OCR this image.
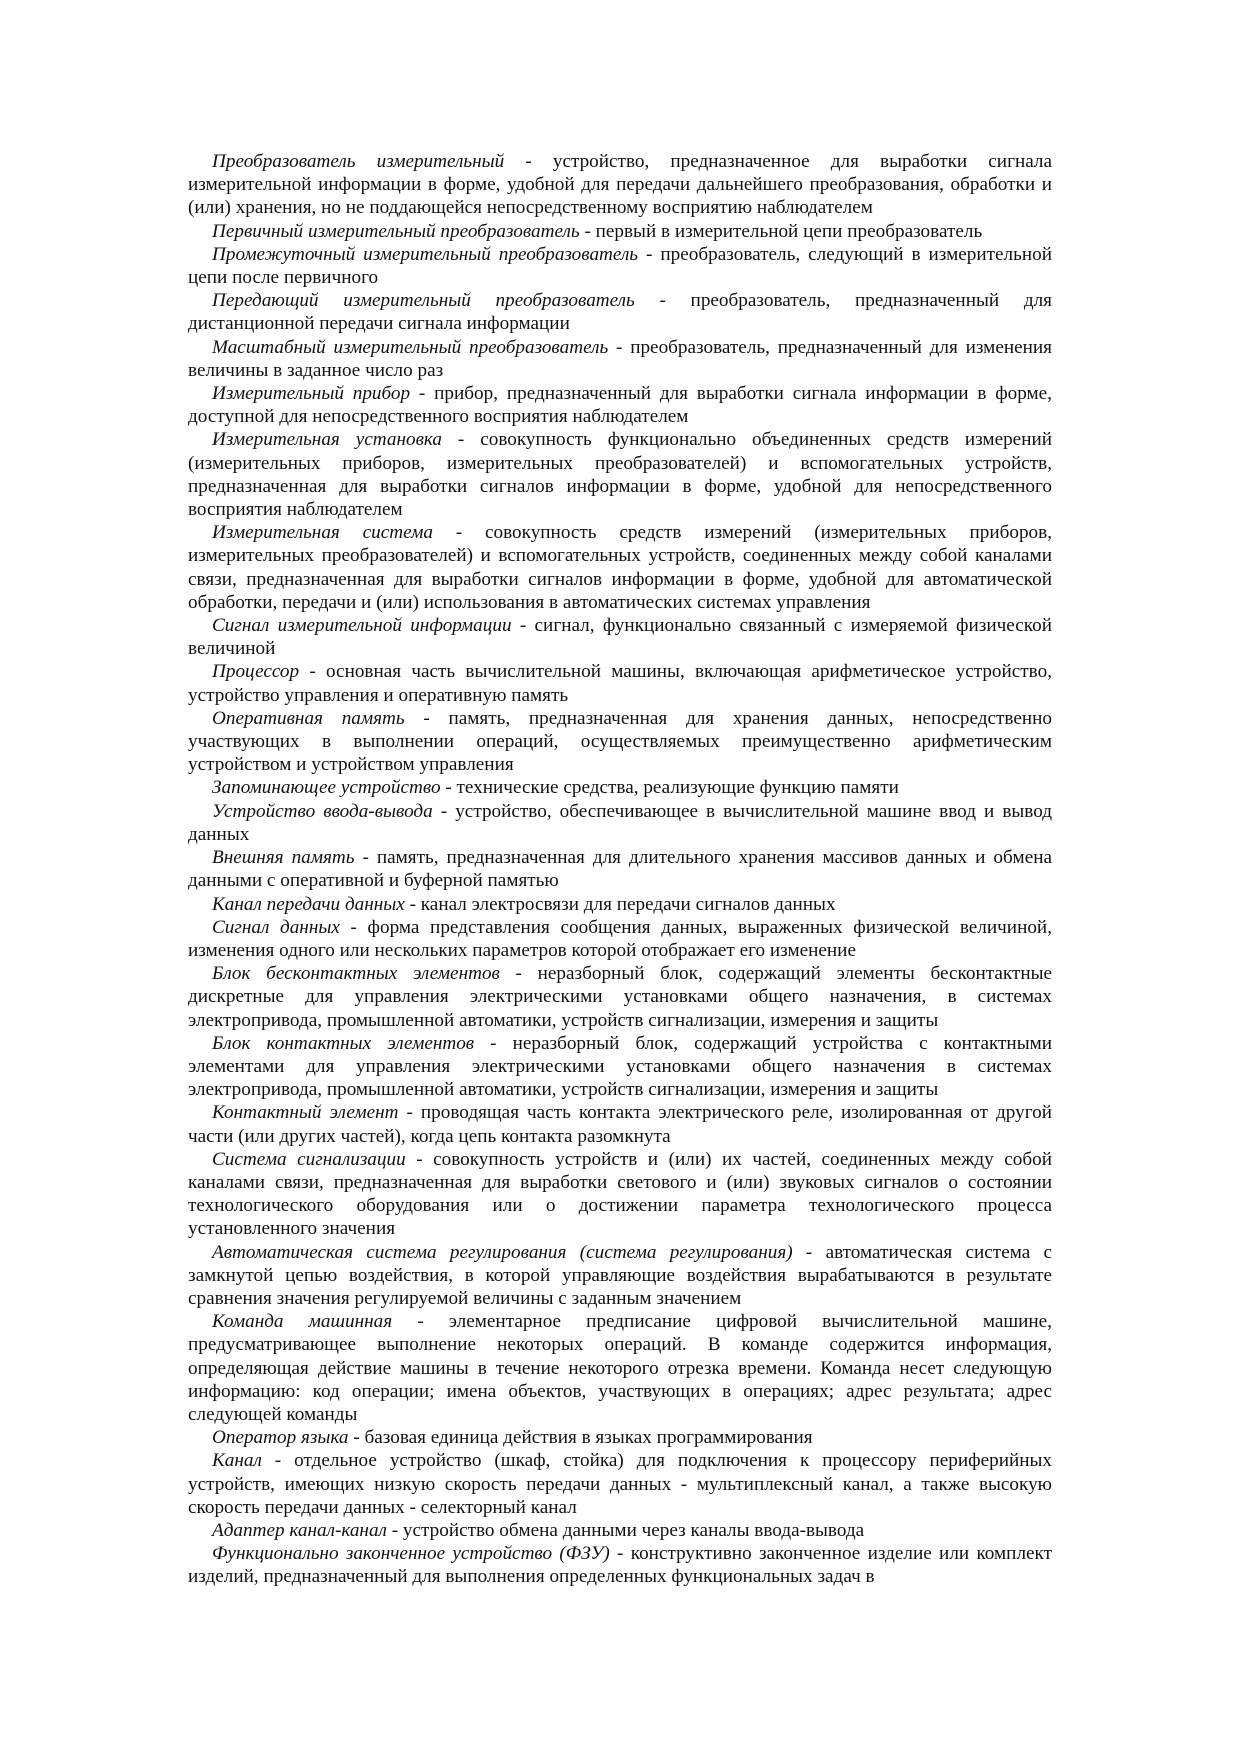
Преобразователь измерительный - устройство, предназначенное для выработки сигнала измерительной информации в форме, удобной для передачи дальнейшего преобразования, обработки и (или) хранения, но не поддающейся непосредственному восприятию наблюдателем

Первичный измерительный преобразователь - первый в измерительной цепи преобразователь

Промежуточный измерительный преобразователь - преобразователь, следующий в измерительной цепи после первичного

Передающий измерительный преобразователь - преобразователь, предназначенный для дистанционной передачи сигнала информации

Масштабный измерительный преобразователь - преобразователь, предназначенный для изменения величины в заданное число раз

Измерительный прибор - прибор, предназначенный для выработки сигнала информации в форме, доступной для непосредственного восприятия наблюдателем

Измерительная установка - совокупность функционально объединенных средств измерений (измерительных приборов, измерительных преобразователей) и вспомогательных устройств, предназначенная для выработки сигналов информации в форме, удобной для непосредственного восприятия наблюдателем

Измерительная система - совокупность средств измерений (измерительных приборов, измерительных преобразователей) и вспомогательных устройств, соединенных между собой каналами связи, предназначенная для выработки сигналов информации в форме, удобной для автоматической обработки, передачи и (или) использования в автоматических системах управления

Сигнал измерительной информации - сигнал, функционально связанный с измеряемой физической величиной

Процессор - основная часть вычислительной машины, включающая арифметическое устройство, устройство управления и оперативную память

Оперативная память - память, предназначенная для хранения данных, непосредственно участвующих в выполнении операций, осуществляемых преимущественно арифметическим устройством и устройством управления

Запоминающее устройство - технические средства, реализующие функцию памяти

Устройство ввода-вывода - устройство, обеспечивающее в вычислительной машине ввод и вывод данных

Внешняя память - память, предназначенная для длительного хранения массивов данных и обмена данными с оперативной и буферной памятью

Канал передачи данных - канал электросвязи для передачи сигналов данных

Сигнал данных - форма представления сообщения данных, выраженных физической величиной, изменения одного или нескольких параметров которой отображает его изменение

Блок бесконтактных элементов - неразборный блок, содержащий элементы бесконтактные дискретные для управления электрическими установками общего назначения, в системах электропривода, промышленной автоматики, устройств сигнализации, измерения и защиты

Блок контактных элементов - неразборный блок, содержащий устройства с контактными элементами для управления электрическими установками общего назначения в системах электропривода, промышленной автоматики, устройств сигнализации, измерения и защиты

Контактный элемент - проводящая часть контакта электрического реле, изолированная от другой части (или других частей), когда цепь контакта разомкнута

Система сигнализации - совокупность устройств и (или) их частей, соединенных между собой каналами связи, предназначенная для выработки светового и (или) звуковых сигналов о состоянии технологического оборудования или о достижении параметра технологического процесса установленного значения

Автоматическая система регулирования (система регулирования) - автоматическая система с замкнутой цепью воздействия, в которой управляющие воздействия вырабатываются в результате сравнения значения регулируемой величины с заданным значением

Команда машинная - элементарное предписание цифровой вычислительной машине, предусматривающее выполнение некоторых операций. В команде содержится информация, определяющая действие машины в течение некоторого отрезка времени. Команда несет следующую информацию: код операции; имена объектов, участвующих в операциях; адрес результата; адрес следующей команды

Оператор языка - базовая единица действия в языках программирования

Канал - отдельное устройство (шкаф, стойка) для подключения к процессору периферийных устройств, имеющих низкую скорость передачи данных - мультиплексный канал, а также высокую скорость передачи данных - селекторный канал

Адаптер канал-канал - устройство обмена данными через каналы ввода-вывода

Функционально законченное устройство (ФЗУ) - конструктивно законченное изделие или комплект изделий, предназначенный для выполнения определенных функциональных задач в
